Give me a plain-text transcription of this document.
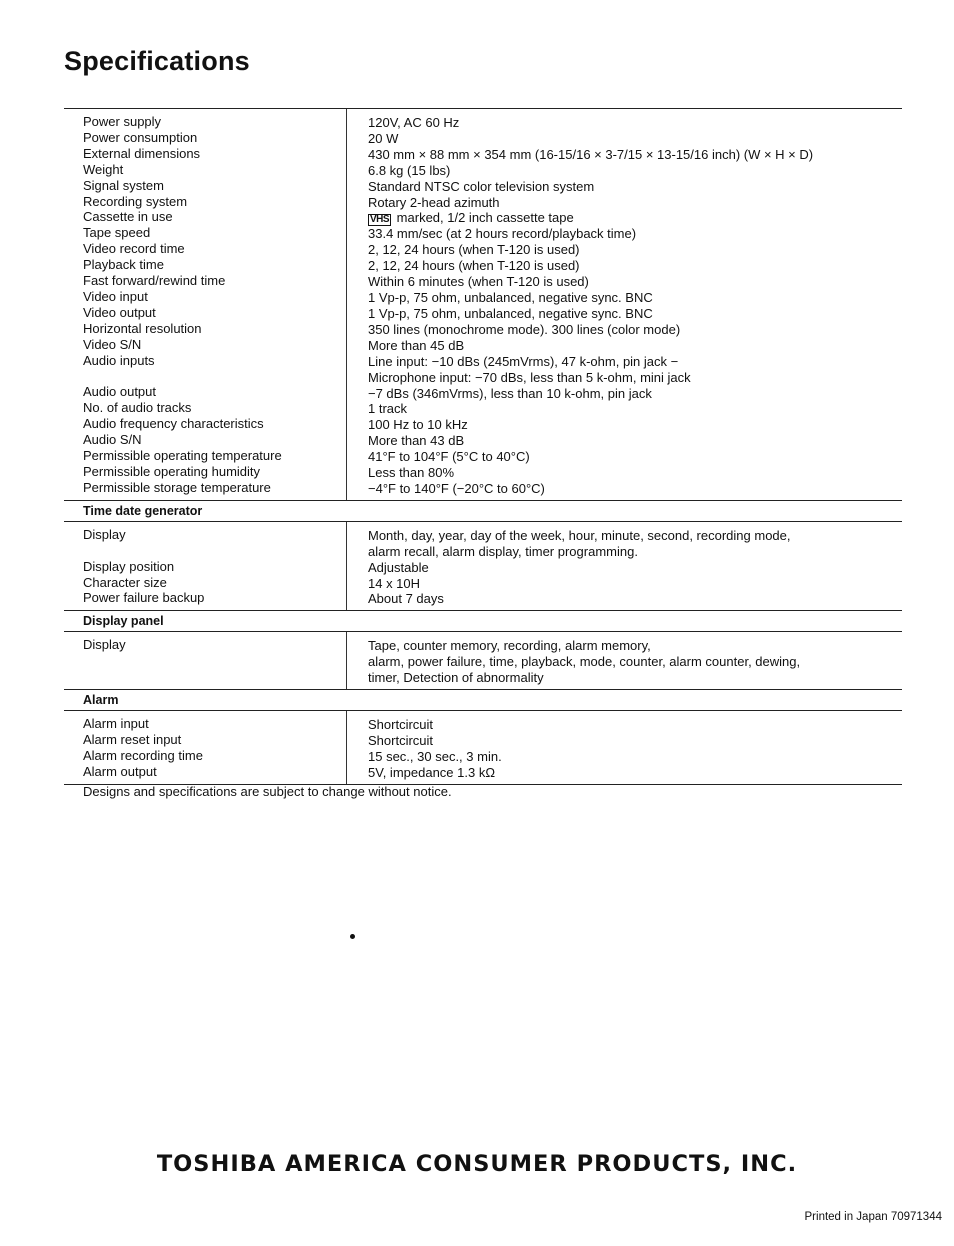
Specifications
Power supply
Power consumption
External dimensions
Weight
Signal system
Recording system
Cassette in use
Tape speed
Video record time
Playback time
Fast forward/rewind time
Video input
Video output
Horizontal resolution
Video S/N
Audio inputs
Audio output
No. of audio tracks
Audio frequency characteristics
Audio S/N
Permissible operating temperature
Permissible operating humidity
Permissible storage temperature
120V, AC 60 Hz
20 W
430 mm × 88 mm × 354 mm (16-15/16 × 3-7/15 × 13-15/16 inch) (W × H × D)
6.8 kg (15 lbs)
Standard NTSC color television system
Rotary 2-head azimuth
VHS marked, 1/2 inch cassette tape
33.4 mm/sec (at 2 hours record/playback time)
2, 12, 24 hours (when T-120 is used)
2, 12, 24 hours (when T-120 is used)
Within 6 minutes (when T-120 is used)
1 Vp-p, 75 ohm, unbalanced, negative sync. BNC
1 Vp-p, 75 ohm, unbalanced, negative sync. BNC
350 lines (monochrome mode). 300 lines (color mode)
More than 45 dB
Line input: −10 dBs (245mVrms), 47 k-ohm, pin jack −
Microphone input: −70 dBs, less than 5 k-ohm, mini jack
−7 dBs (346mVrms), less than 10 k-ohm, pin jack
1 track
100 Hz to 10 kHz
More than 43 dB
41°F to 104°F (5°C to 40°C)
Less than 80%
−4°F to 140°F (−20°C to 60°C)
Time date generator
Display
Display position
Character size
Power failure backup
Month, day, year, day of the week, hour, minute, second, recording mode,
alarm recall, alarm display, timer programming.
Adjustable
14 x 10H
About 7 days
Display panel
Display	Tape, counter memory, recording, alarm memory,
alarm, power failure, time, playback, mode, counter, alarm counter, dewing,
timer, Detection of abnormality
Alarm
Alarm input
Alarm reset input
Alarm recording time
Alarm output
Shortcircuit
Shortcircuit
15 sec., 30 sec., 3 min.
5V, impedance 1.3 kΩ
Designs and specifications are subject to change without notice.
TOSHIBA AMERICA CONSUMER PRODUCTS, INC.
Printed in Japan 70971344
